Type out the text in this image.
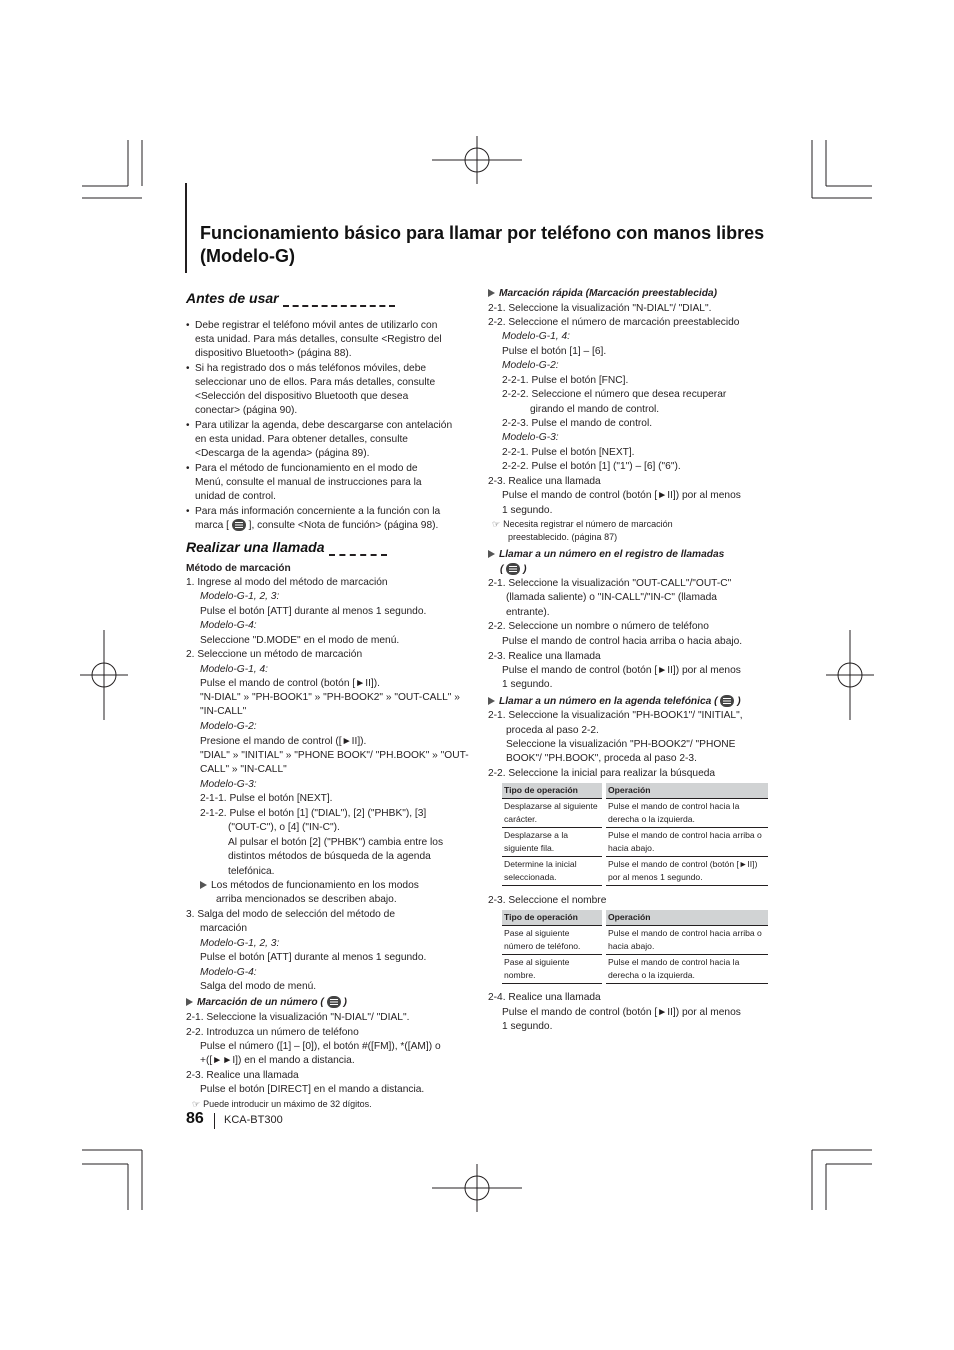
Funcionamiento básico para llamar por teléfono con manos libres
(Modelo-G)
Antes de usar
• Debe registrar el teléfono móvil antes de utilizarlo con
esta unidad. Para más detalles, consulte <Registro del
dispositivo Bluetooth> (página 88).
• Si ha registrado dos o más teléfonos móviles, debe
seleccionar uno de ellos. Para más detalles, consulte
<Selección del dispositivo Bluetooth que desea
conectar> (página 90).
• Para utilizar la agenda, debe descargarse con antelación
en esta unidad. Para obtener detalles, consulte
<Descarga de la agenda> (página 89).
• Para el método de funcionamiento en el modo de
Menú, consulte el manual de instrucciones para la
unidad de control.
• Para más información concerniente a la función con la
marca [  ], consulte <Nota de función> (página 98).
Realizar una llamada
Método de marcación
1. Ingrese al modo del método de marcación
Modelo-G-1, 2, 3:
Pulse el botón [ATT] durante al menos 1 segundo.
Modelo-G-4:
Seleccione "D.MODE" en el modo de menú.
2. Seleccione un método de marcación
Modelo-G-1, 4:
Pulse el mando de control (botón [►II]).
"N-DIAL" » "PH-BOOK1" » "PH-BOOK2" » "OUT-CALL" »
"IN-CALL"
Modelo-G-2:
Presione el mando de control ([►II]).
"DIAL" » "INITIAL" » "PHONE BOOK"/ "PH.BOOK" » "OUT-
CALL" » "IN-CALL"
Modelo-G-3:
2-1-1. Pulse el botón [NEXT].
2-1-2. Pulse el botón [1] ("DIAL"), [2] ("PHBK"), [3]
("OUT-C"), o [4] ("IN-C").
Al pulsar el botón [2] ("PHBK") cambia entre los
distintos métodos de búsqueda de la agenda
telefónica.
Los métodos de funcionamiento en los modos
arriba mencionados se describen abajo.
3. Salga del modo de selección del método de
marcación
Modelo-G-1, 2, 3:
Pulse el botón [ATT] durante al menos 1 segundo.
Modelo-G-4:
Salga del modo de menú.
Marcación de un número (  )
2-1. Seleccione la visualización "N-DIAL"/ "DIAL".
2-2. Introduzca un número de teléfono
Pulse el número ([1] – [0]), el botón #([FM]), *([AM]) o
+([►►I]) en el mando a distancia.
2-3. Realice una llamada
Pulse el botón [DIRECT] en el mando a distancia.
☞ Puede introducir un máximo de 32 dígitos.
Marcación rápida (Marcación preestablecida)
2-1. Seleccione la visualización "N-DIAL"/ "DIAL".
2-2. Seleccione el número de marcación preestablecido
Modelo-G-1, 4:
Pulse el botón [1] – [6].
Modelo-G-2:
2-2-1. Pulse el botón [FNC].
2-2-2. Seleccione el número que desea recuperar
girando el mando de control.
2-2-3. Pulse el mando de control.
Modelo-G-3:
2-2-1. Pulse el botón [NEXT].
2-2-2. Pulse el botón [1] ("1") – [6] ("6").
2-3. Realice una llamada
Pulse el mando de control (botón [►II]) por al menos
1 segundo.
☞ Necesita registrar el número de marcación
preestablecido. (página 87)
Llamar a un número en el registro de llamadas
(  )
2-1. Seleccione la visualización "OUT-CALL"/"OUT-C"
(llamada saliente) o "IN-CALL"/"IN-C" (llamada
entrante).
2-2. Seleccione un nombre o número de teléfono
Pulse el mando de control hacia arriba o hacia abajo.
2-3. Realice una llamada
Pulse el mando de control (botón [►II]) por al menos
1 segundo.
Llamar a un número en la agenda telefónica (  )
2-1. Seleccione la visualización "PH-BOOK1"/ "INITIAL",
proceda al paso 2-2.
Seleccione la visualización "PH-BOOK2"/ "PHONE
BOOK"/ "PH.BOOK", proceda al paso 2-3.
2-2. Seleccione la inicial para realizar la búsqueda
Tipo de operación	Operación
Desplazarse al siguiente carácter.	Pulse el mando de control hacia la derecha o la izquierda.
Desplazarse a la siguiente fila.	Pulse el mando de control hacia arriba o hacia abajo.
Determine la inicial seleccionada.	Pulse el mando de control (botón [►II]) por al menos 1 segundo.
2-3. Seleccione el nombre
Tipo de operación	Operación
Pase al siguiente número de teléfono.	Pulse el mando de control hacia arriba o hacia abajo.
Pase al siguiente nombre.	Pulse el mando de control hacia la derecha o la izquierda.
2-4. Realice una llamada
Pulse el mando de control (botón [►II]) por al menos
1 segundo.
86 KCA-BT300
